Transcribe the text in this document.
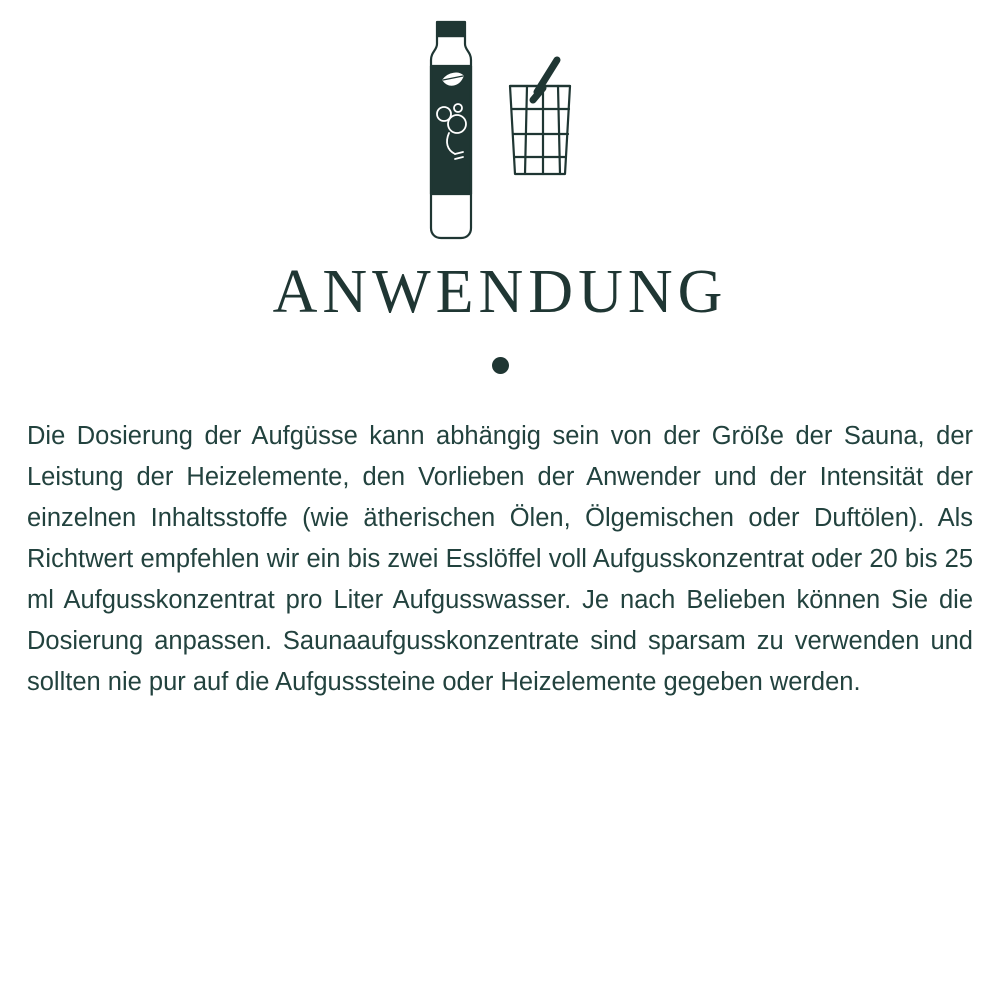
ANWENDUNG

Die Dosierung der Aufgüsse kann abhängig sein von der Größe der Sauna, der Leistung der Heizelemente, den Vorlieben der Anwender und der Intensität der einzelnen Inhaltsstoffe (wie ätherischen Ölen, Ölgemischen oder Duftölen). Als Richtwert empfehlen wir ein bis zwei Esslöffel voll Aufgusskonzentrat oder 20 bis 25 ml Aufgusskonzentrat pro Liter Aufgusswasser. Je nach Belieben können Sie die Dosierung anpassen. Saunaaufgusskonzentrate sind sparsam zu verwenden und sollten nie pur auf die Aufgusssteine oder Heizelemente gegeben werden.
